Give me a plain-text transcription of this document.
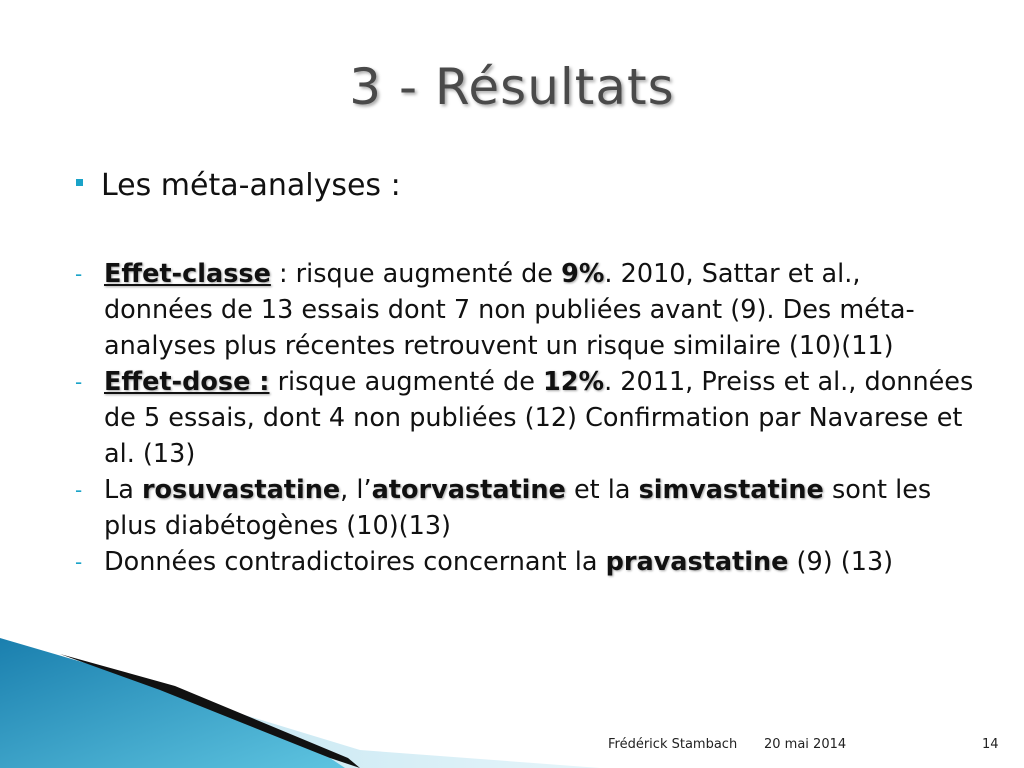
3 - Résultats
Les méta-analyses :
- Effet-classe : risque augmenté de 9%. 2010, Sattar et al., données de 13 essais dont 7 non publiées avant (9). Des méta-analyses plus récentes retrouvent un risque similaire (10)(11)
- Effet-dose : risque augmenté de 12%. 2011, Preiss et al., données de 5 essais, dont 4 non publiées (12) Confirmation par Navarese et al. (13)
- La rosuvastatine, l’atorvastatine et la simvastatine sont les plus diabétogènes (10)(13)
- Données contradictoires concernant la pravastatine (9) (13)
Frédérick Stambach 20 mai 2014	14
